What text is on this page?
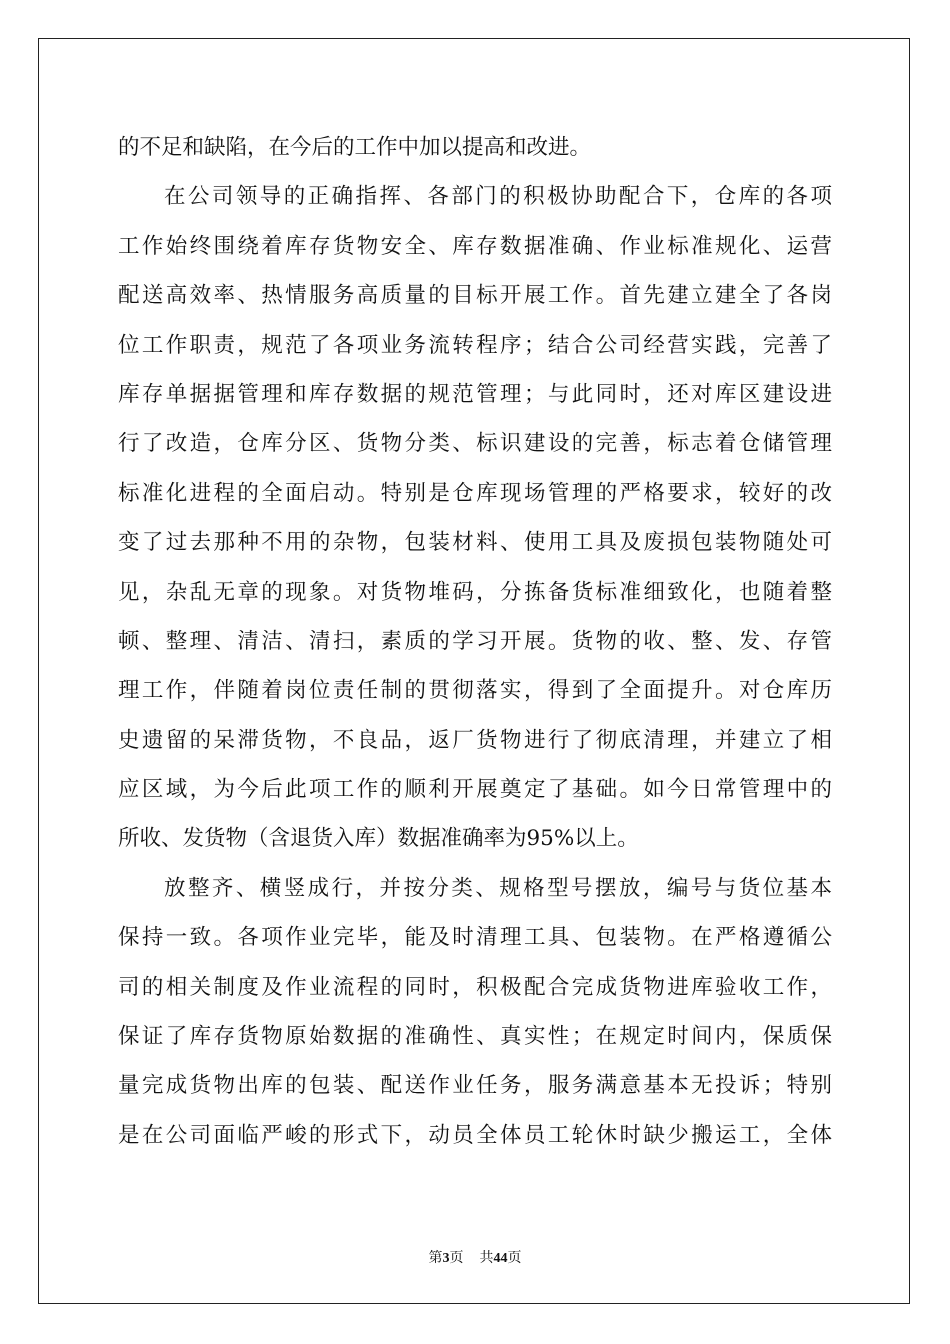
的不足和缺陷，在今后的工作中加以提高和改进。
在公司领导的正确指挥、各部门的积极协助配合下，仓库的各项
工作始终围绕着库存货物安全、库存数据准确、作业标准规化、运营
配送高效率、热情服务高质量的目标开展工作。首先建立建全了各岗
位工作职责，规范了各项业务流转程序；结合公司经营实践，完善了
库存单据据管理和库存数据的规范管理；与此同时，还对库区建设进
行了改造，仓库分区、货物分类、标识建设的完善，标志着仓储管理
标准化进程的全面启动。特别是仓库现场管理的严格要求，较好的改
变了过去那种不用的杂物，包装材料、使用工具及废损包装物随处可
见，杂乱无章的现象。对货物堆码，分拣备货标准细致化，也随着整
顿、整理、清洁、清扫，素质的学习开展。货物的收、整、发、存管
理工作，伴随着岗位责任制的贯彻落实，得到了全面提升。对仓库历
史遗留的呆滞货物，不良品，返厂货物进行了彻底清理，并建立了相
应区域，为今后此项工作的顺利开展奠定了基础。如今日常管理中的
所收、发货物（含退货入库）数据准确率为95%以上。
放整齐、横竖成行，并按分类、规格型号摆放，编号与货位基本
保持一致。各项作业完毕，能及时清理工具、包装物。在严格遵循公
司的相关制度及作业流程的同时，积极配合完成货物进库验收工作，
保证了库存货物原始数据的准确性、真实性；在规定时间内，保质保
量完成货物出库的包装、配送作业任务，服务满意基本无投诉；特别
是在公司面临严峻的形式下，动员全体员工轮休时缺少搬运工，全体
第3页 共44页
